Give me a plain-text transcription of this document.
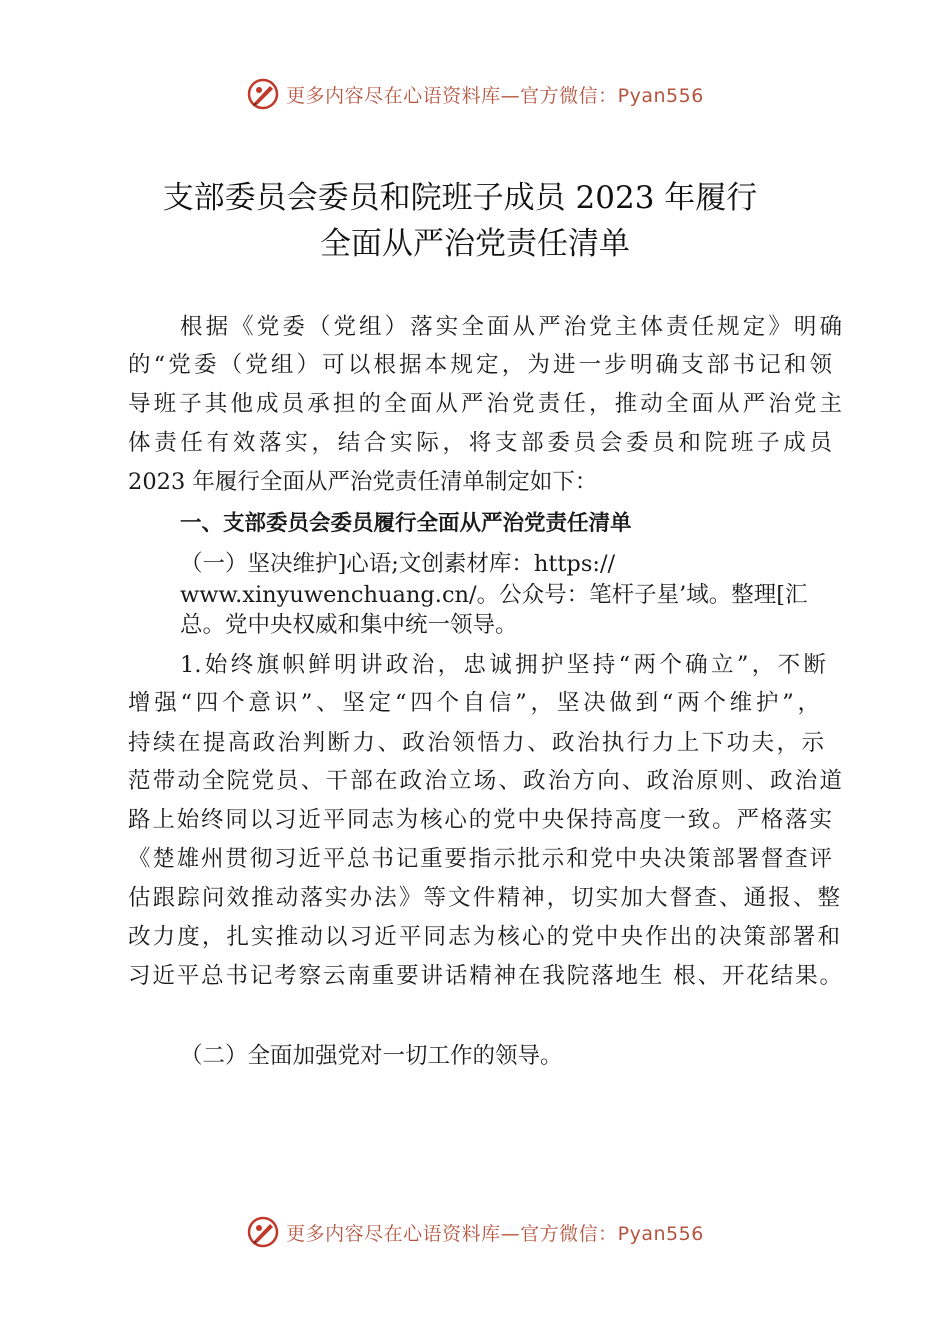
更多内容尽在心语资料库—官方微信：Pyan556
支部委员会委员和院班子成员 2023 年履行
全面从严治党责任清单
根据《党委（党组）落实全面从严治党主体责任规定》明确
的“党委（党组）可以根据本规定，为进一步明确支部书记和领
导班子其他成员承担的全面从严治党责任，推动全面从严治党主
体责任有效落实，结合实际，将支部委员会委员和院班子成员
2023 年履行全面从严治党责任清单制定如下：
一、支部委员会委员履行全面从严治党责任清单
（一）坚决维护]心语;文创素材库：https://
www.xinyuwenchuang.cn/。公众号：笔杆子星’域。整理[汇
总。党中央权威和集中统一领导。
1.始终旗帜鲜明讲政治，忠诚拥护坚持“两个确立”，不断
增强“四个意识”、坚定“四个自信”，坚决做到“两个维护”，
持续在提高政治判断力、政治领悟力、政治执行力上下功夫，示
范带动全院党员、干部在政治立场、政治方向、政治原则、政治道
路上始终同以习近平同志为核心的党中央保持高度一致。严格落实
《楚雄州贯彻习近平总书记重要指示批示和党中央决策部署督查评
估跟踪问效推动落实办法》等文件精神，切实加大督查、通报、整
改力度，扎实推动以习近平同志为核心的党中央作出的决策部署和
习近平总书记考察云南重要讲话精神在我院落地生 根、开花结果。
（二）全面加强党对一切工作的领导。
更多内容尽在心语资料库—官方微信：Pyan556
